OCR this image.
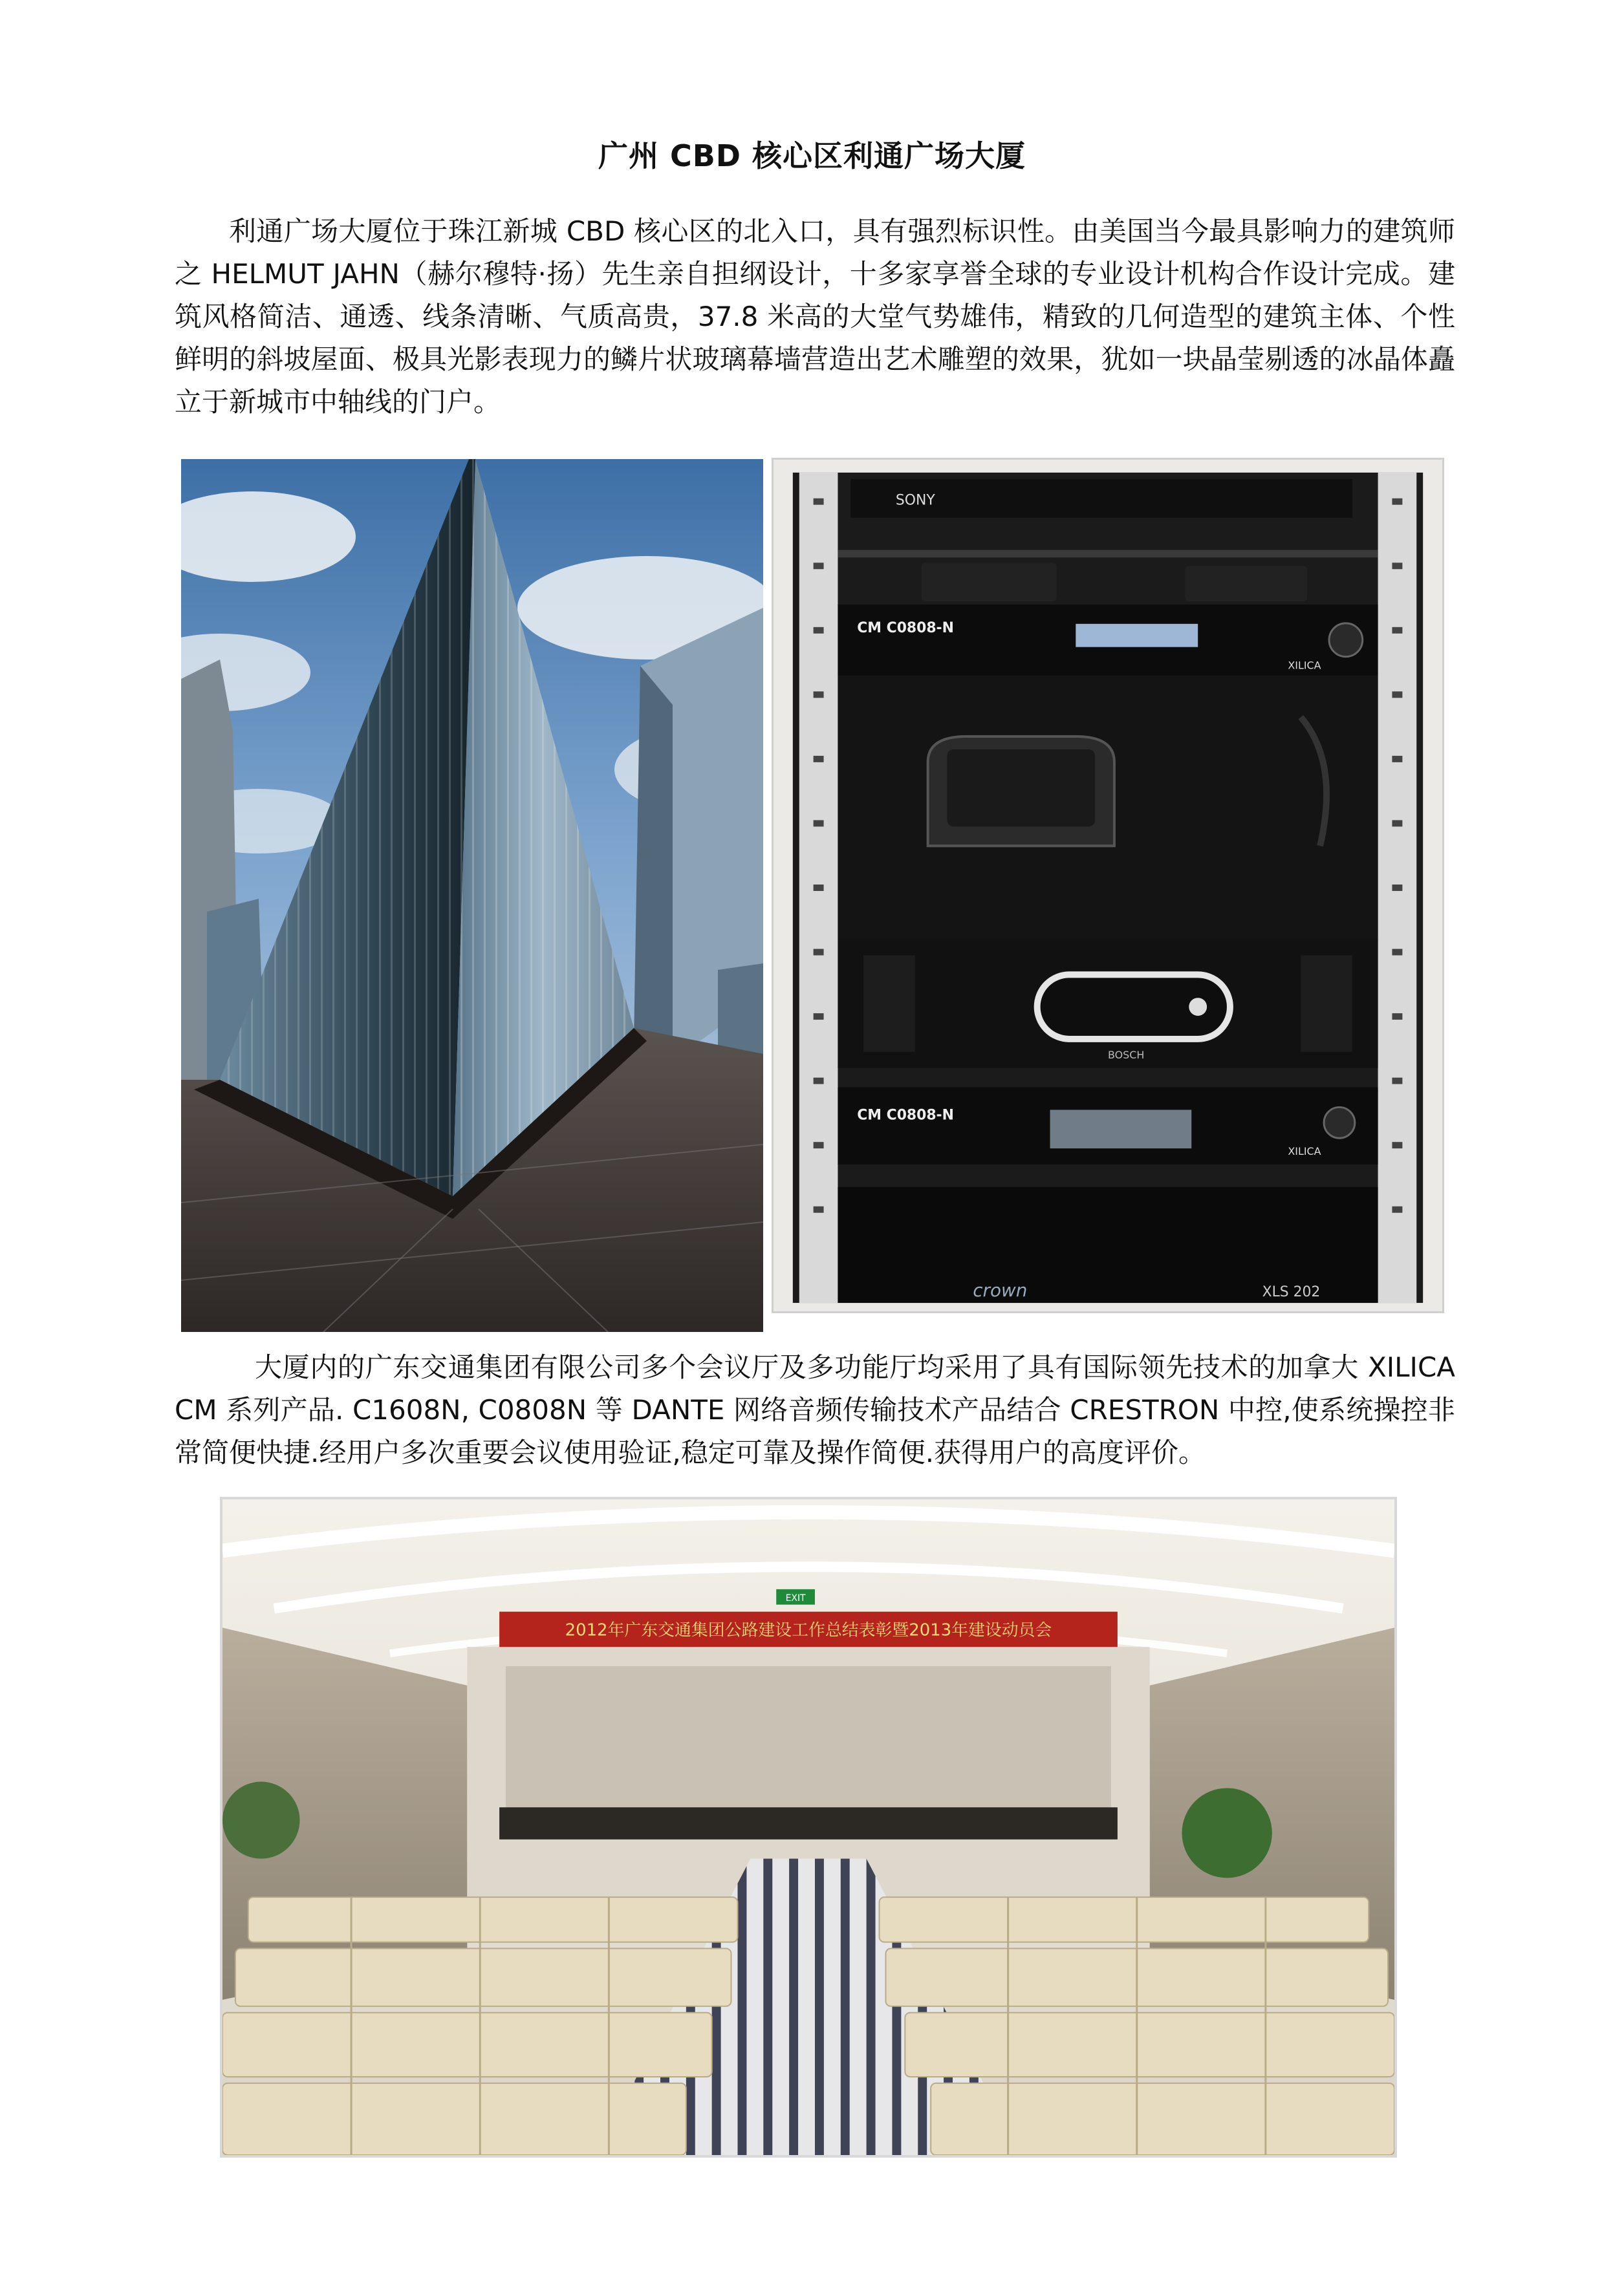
广州 CBD 核心区利通广场大厦

利通广场大厦位于珠江新城 CBD 核心区的北入口，具有强烈标识性。由美国当今最具影响力的建筑师之 HELMUT JAHN（赫尔穆特·扬）先生亲自担纲设计，十多家享誉全球的专业设计机构合作设计完成。建筑风格简洁、通透、线条清晰、气质高贵，37.8 米高的大堂气势雄伟，精致的几何造型的建筑主体、个性鲜明的斜坡屋面、极具光影表现力的鳞片状玻璃幕墙营造出艺术雕塑的效果，犹如一块晶莹剔透的冰晶体矗立于新城市中轴线的门户。

SONY
CM C0808-N
XILICA
BOSCH
CM C0808-N
XILICA
crown	XLS 202

大厦内的广东交通集团有限公司多个会议厅及多功能厅均采用了具有国际领先技术的加拿大 XILICA CM 系列产品. C1608N, C0808N 等 DANTE 网络音频传输技术产品结合 CRESTRON 中控,使系统操控非常简便快捷.经用户多次重要会议使用验证,稳定可靠及操作简便.获得用户的高度评价。

2012年广东交通集团公路建设工作总结表彰暨2013年建设动员会
EXIT
